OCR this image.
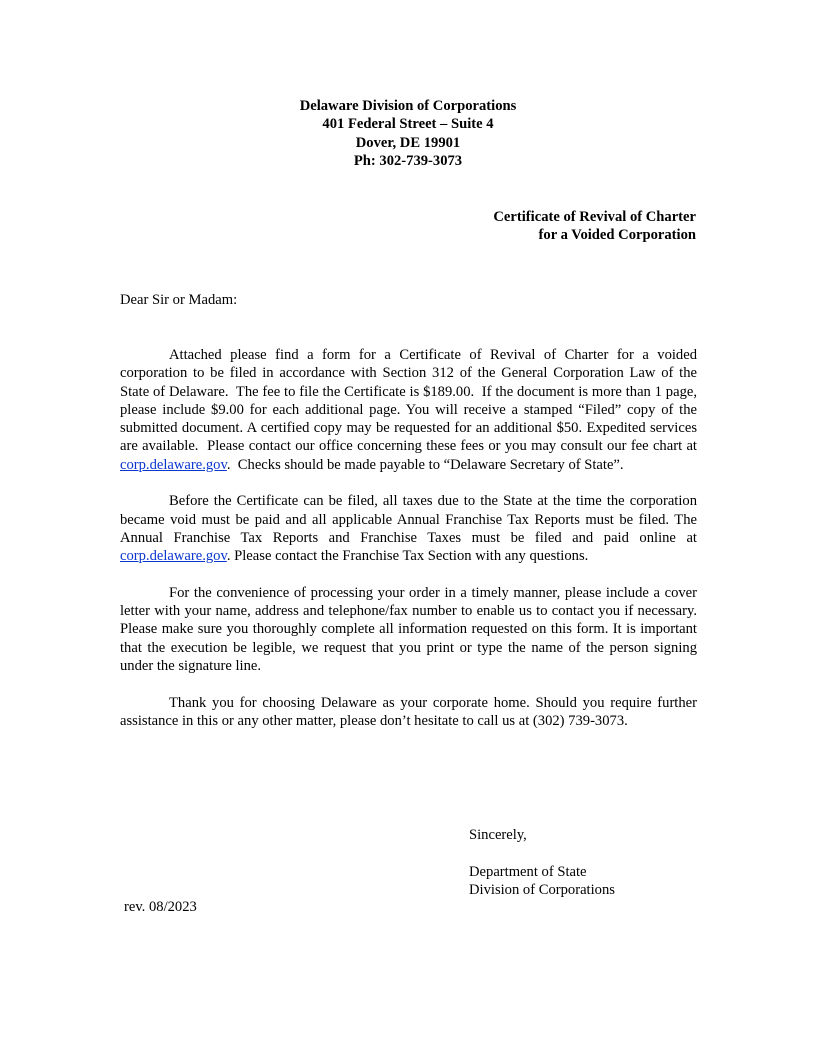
Delaware Division of Corporations
401 Federal Street – Suite 4
Dover, DE 19901
Ph: 302-739-3073
Certificate of Revival of Charter
for a Voided Corporation
Dear Sir or Madam:

Attached please find a form for a Certificate of Revival of Charter for a voided corporation to be filed in accordance with Section 312 of the General Corporation Law of the State of Delaware.  The fee to file the Certificate is $189.00.  If the document is more than 1 page, please include $9.00 for each additional page. You will receive a stamped “Filed” copy of the submitted document. A certified copy may be requested for an additional $50. Expedited services are available.  Please contact our office concerning these fees or you may consult our fee chart at corp.delaware.gov.  Checks should be made payable to “Delaware Secretary of State”.

Before the Certificate can be filed, all taxes due to the State at the time the corporation became void must be paid and all applicable Annual Franchise Tax Reports must be filed. The Annual Franchise Tax Reports and Franchise Taxes must be filed and paid online at corp.delaware.gov. Please contact the Franchise Tax Section with any questions.

For the convenience of processing your order in a timely manner, please include a cover letter with your name, address and telephone/fax number to enable us to contact you if necessary. Please make sure you thoroughly complete all information requested on this form. It is important that the execution be legible, we request that you print or type the name of the person signing under the signature line.

Thank you for choosing Delaware as your corporate home. Should you require further assistance in this or any other matter, please don’t hesitate to call us at (302) 739-3073.

Sincerely,
Department of State
Division of Corporations
rev. 08/2023
